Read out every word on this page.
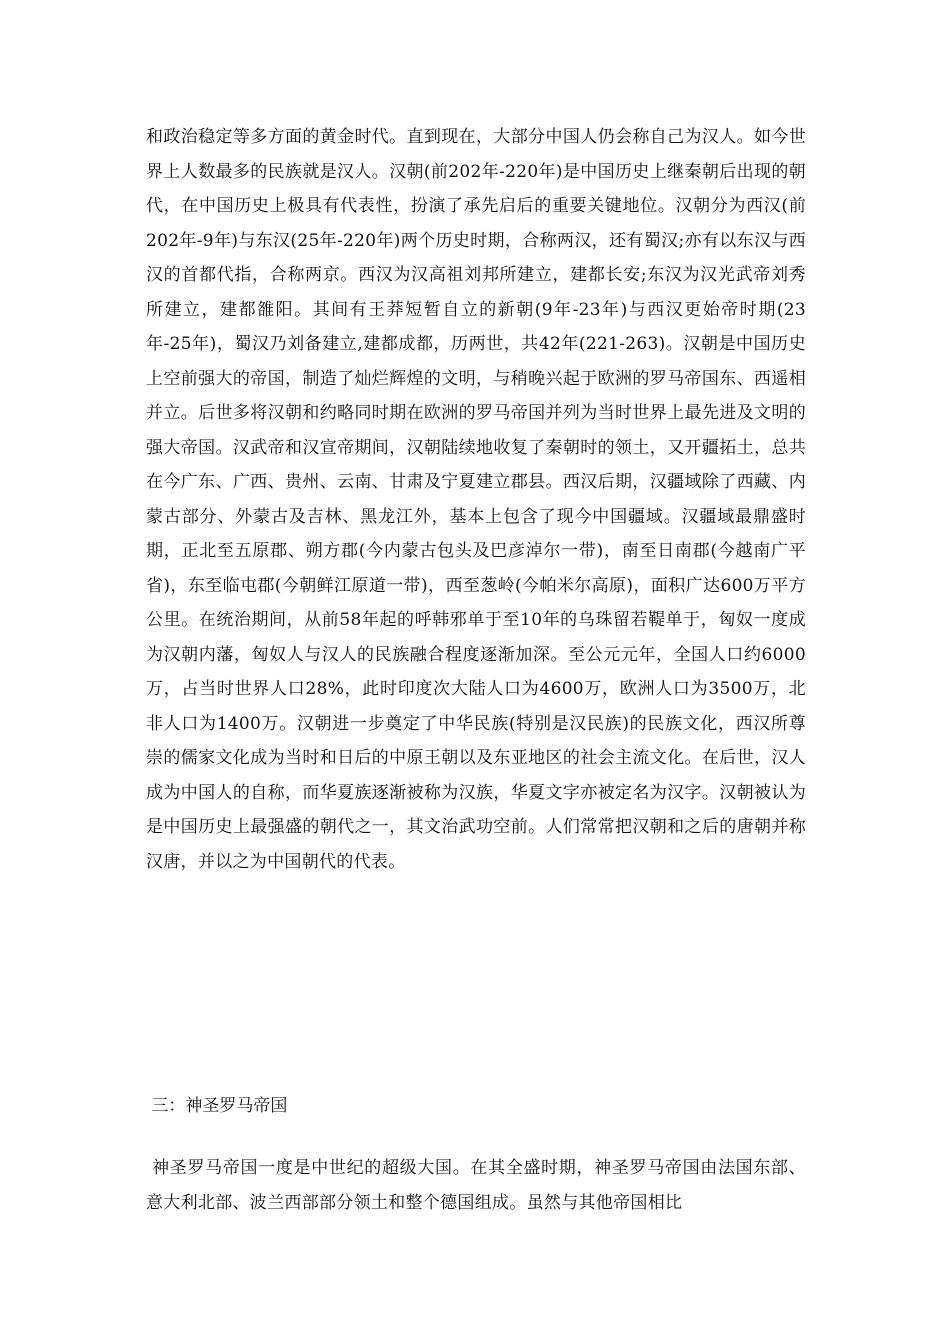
和政治稳定等多方面的黄金时代。直到现在，大部分中国人仍会称自己为汉人。如今世界上人数最多的民族就是汉人。汉朝(前202年-220年)是中国历史上继秦朝后出现的朝代，在中国历史上极具有代表性，扮演了承先启后的重要关键地位。汉朝分为西汉(前202年-9年)与东汉(25年-220年)两个历史时期，合称两汉，还有蜀汉;亦有以东汉与西汉的首都代指，合称两京。西汉为汉高祖刘邦所建立，建都长安;东汉为汉光武帝刘秀所建立，建都雒阳。其间有王莽短暂自立的新朝(9年-23年)与西汉更始帝时期(23年-25年)，蜀汉乃刘备建立,建都成都，历两世，共42年(221-263)。汉朝是中国历史上空前强大的帝国，制造了灿烂辉煌的文明，与稍晚兴起于欧洲的罗马帝国东、西遥相并立。后世多将汉朝和约略同时期在欧洲的罗马帝国并列为当时世界上最先进及文明的强大帝国。汉武帝和汉宣帝期间，汉朝陆续地收复了秦朝时的领土，又开疆拓土，总共在今广东、广西、贵州、云南、甘肃及宁夏建立郡县。西汉后期，汉疆域除了西藏、内蒙古部分、外蒙古及吉林、黑龙江外，基本上包含了现今中国疆域。汉疆域最鼎盛时期，正北至五原郡、朔方郡(今内蒙古包头及巴彦淖尔一带)，南至日南郡(今越南广平省)，东至临屯郡(今朝鲜江原道一带)，西至葱岭(今帕米尔高原)，面积广达600万平方公里。在统治期间，从前58年起的呼韩邪单于至10年的乌珠留若鞮单于，匈奴一度成为汉朝内藩，匈奴人与汉人的民族融合程度逐渐加深。至公元元年，全国人口约6000万，占当时世界人口28%，此时印度次大陆人口为4600万，欧洲人口为3500万，北非人口为1400万。汉朝进一步奠定了中华民族(特别是汉民族)的民族文化，西汉所尊崇的儒家文化成为当时和日后的中原王朝以及东亚地区的社会主流文化。在后世，汉人成为中国人的自称，而华夏族逐渐被称为汉族，华夏文字亦被定名为汉字。汉朝被认为是中国历史上最强盛的朝代之一，其文治武功空前。人们常常把汉朝和之后的唐朝并称汉唐，并以之为中国朝代的代表。

三：神圣罗马帝国

神圣罗马帝国一度是中世纪的超级大国。在其全盛时期，神圣罗马帝国由法国东部、意大利北部、波兰西部部分领土和整个德国组成。虽然与其他帝国相比
